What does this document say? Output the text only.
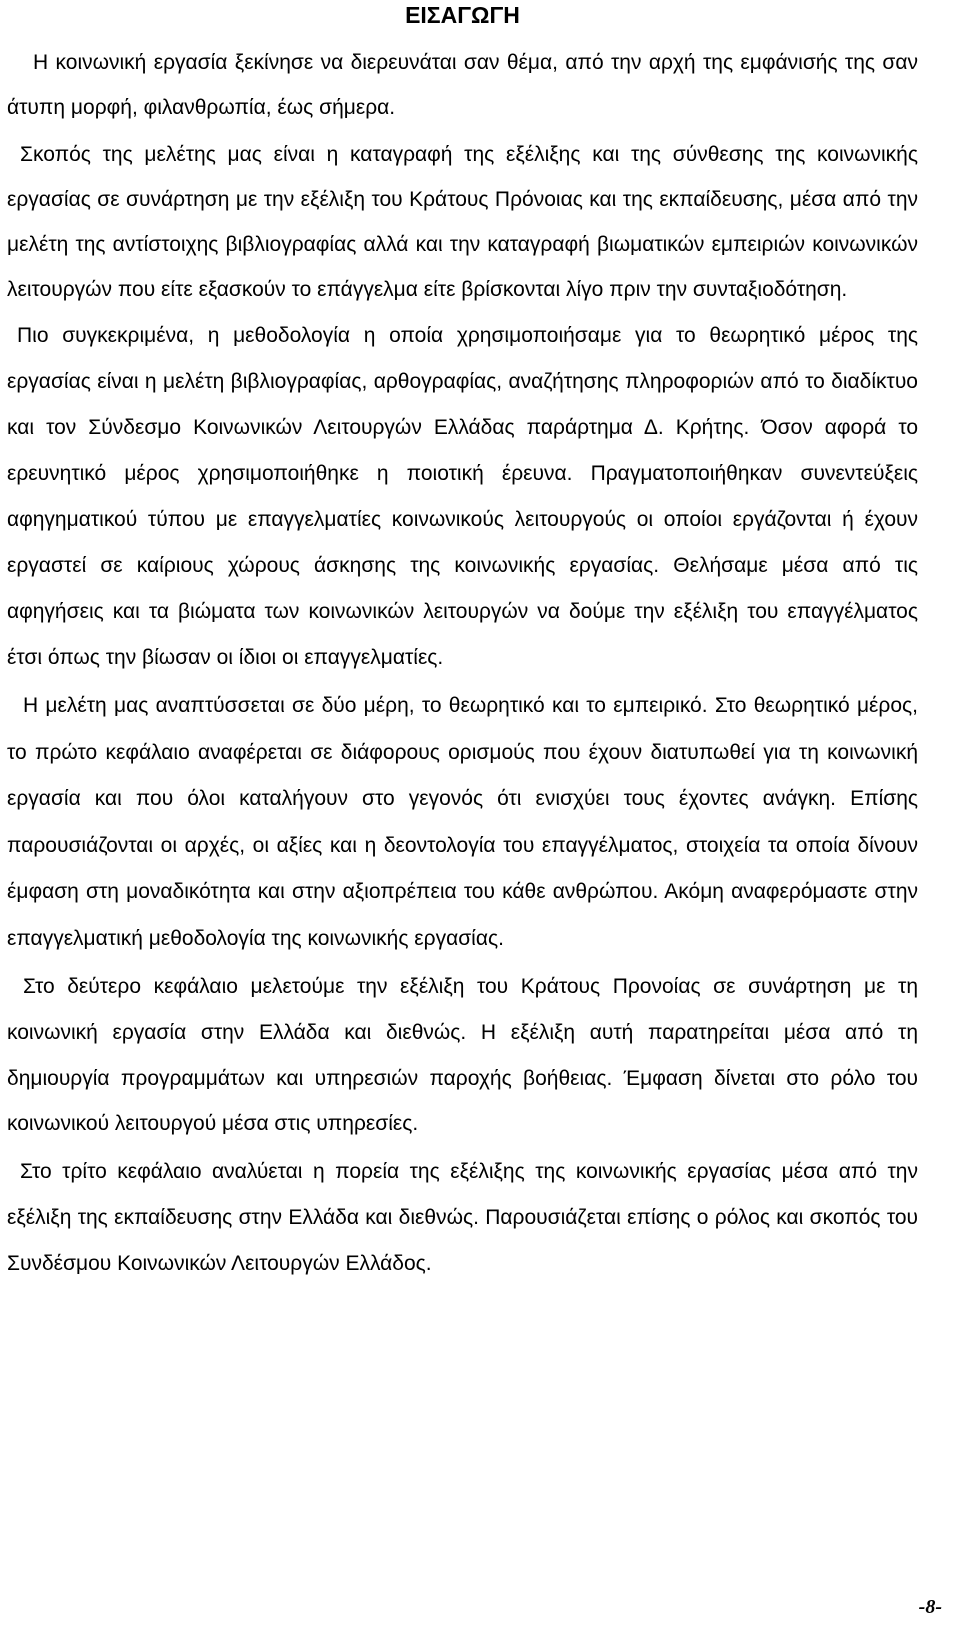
ΕΙΣΑΓΩΓΗ

Η κοινωνική εργασία ξεκίνησε να διερευνάται σαν θέμα, από την αρχή της εμφάνισής της σαν άτυπη μορφή, φιλανθρωπία, έως σήμερα.

Σκοπός της μελέτης μας είναι η καταγραφή της εξέλιξης και της σύνθεσης της κοινωνικής εργασίας σε συνάρτηση με την εξέλιξη του Κράτους Πρόνοιας και της εκπαίδευσης, μέσα από την μελέτη της αντίστοιχης βιβλιογραφίας αλλά και την καταγραφή βιωματικών εμπειριών κοινωνικών λειτουργών που είτε εξασκούν το επάγγελμα είτε βρίσκονται λίγο πριν την συνταξιοδότηση.

Πιο συγκεκριμένα, η μεθοδολογία η οποία χρησιμοποιήσαμε για το θεωρητικό μέρος της εργασίας είναι η μελέτη βιβλιογραφίας, αρθογραφίας, αναζήτησης πληροφοριών από το διαδίκτυο και τον Σύνδεσμο Κοινωνικών Λειτουργών Ελλάδας παράρτημα Δ. Κρήτης. Όσον αφορά το ερευνητικό μέρος χρησιμοποιήθηκε η ποιοτική έρευνα. Πραγματοποιήθηκαν συνεντεύξεις αφηγηματικού τύπου με επαγγελματίες κοινωνικούς λειτουργούς οι οποίοι εργάζονται ή έχουν εργαστεί σε καίριους χώρους άσκησης της κοινωνικής εργασίας. Θελήσαμε μέσα από τις αφηγήσεις και τα βιώματα των κοινωνικών λειτουργών να δούμε την εξέλιξη του επαγγέλματος έτσι όπως την βίωσαν οι ίδιοι οι επαγγελματίες.

Η μελέτη μας αναπτύσσεται σε δύο μέρη, το θεωρητικό και το εμπειρικό. Στο θεωρητικό μέρος, το πρώτο κεφάλαιο αναφέρεται σε διάφορους ορισμούς που έχουν διατυπωθεί για τη κοινωνική εργασία και που όλοι καταλήγουν στο γεγονός ότι ενισχύει τους έχοντες ανάγκη. Επίσης παρουσιάζονται οι αρχές, οι αξίες και η δεοντολογία του επαγγέλματος, στοιχεία τα οποία δίνουν έμφαση στη μοναδικότητα και στην αξιοπρέπεια του κάθε ανθρώπου. Ακόμη αναφερόμαστε στην επαγγελματική μεθοδολογία της κοινωνικής εργασίας.

Στο δεύτερο κεφάλαιο μελετούμε την εξέλιξη του Κράτους Προνοίας σε συνάρτηση με τη κοινωνική εργασία στην Ελλάδα και διεθνώς. Η εξέλιξη αυτή παρατηρείται μέσα από τη δημιουργία προγραμμάτων και υπηρεσιών παροχής βοήθειας. Έμφαση δίνεται στο ρόλο του κοινωνικού λειτουργού μέσα στις υπηρεσίες.

Στο τρίτο κεφάλαιο αναλύεται η πορεία της εξέλιξης της κοινωνικής εργασίας μέσα από την εξέλιξη της εκπαίδευσης στην Ελλάδα και διεθνώς. Παρουσιάζεται επίσης ο ρόλος και σκοπός του Συνδέσμου Κοινωνικών Λειτουργών Ελλάδος.

-8-
